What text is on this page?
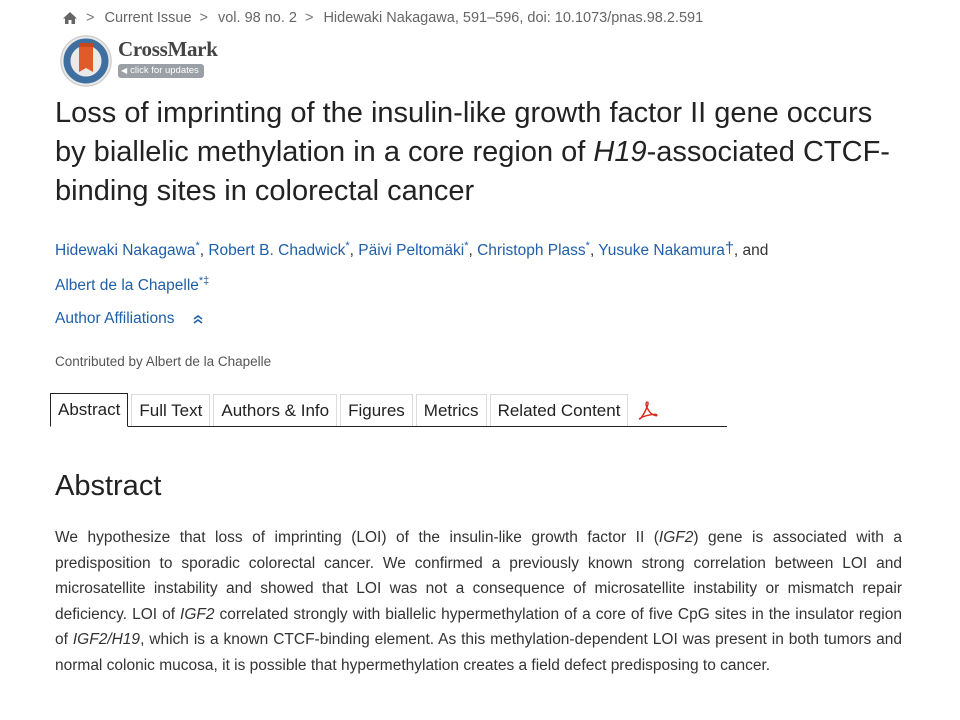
> Current Issue > vol. 98 no. 2 > Hidewaki Nakagawa, 591–596, doi: 10.1073/pnas.98.2.591
CrossMark
◀ click for updates
Loss of imprinting of the insulin-like growth factor II gene occurs by biallelic methylation in a core region of H19-associated CTCF-binding sites in colorectal cancer
Hidewaki Nakagawa*, Robert B. Chadwick*, Päivi Peltomäki*, Christoph Plass*, Yusuke Nakamura†, and
Albert de la Chapelle*‡
Author Affiliations
Contributed by Albert de la Chapelle
Abstract	Full Text	Authors & Info	Figures	Metrics	Related Content
Abstract

We hypothesize that loss of imprinting (LOI) of the insulin-like growth factor II (IGF2) gene is associated with a predisposition to sporadic colorectal cancer. We confirmed a previously known strong correlation between LOI and microsatellite instability and showed that LOI was not a consequence of microsatellite instability or mismatch repair deficiency. LOI of IGF2 correlated strongly with biallelic hypermethylation of a core of five CpG sites in the insulator region of IGF2/H19, which is a known CTCF-binding element. As this methylation-dependent LOI was present in both tumors and normal colonic mucosa, it is possible that hypermethylation creates a field defect predisposing to cancer.
